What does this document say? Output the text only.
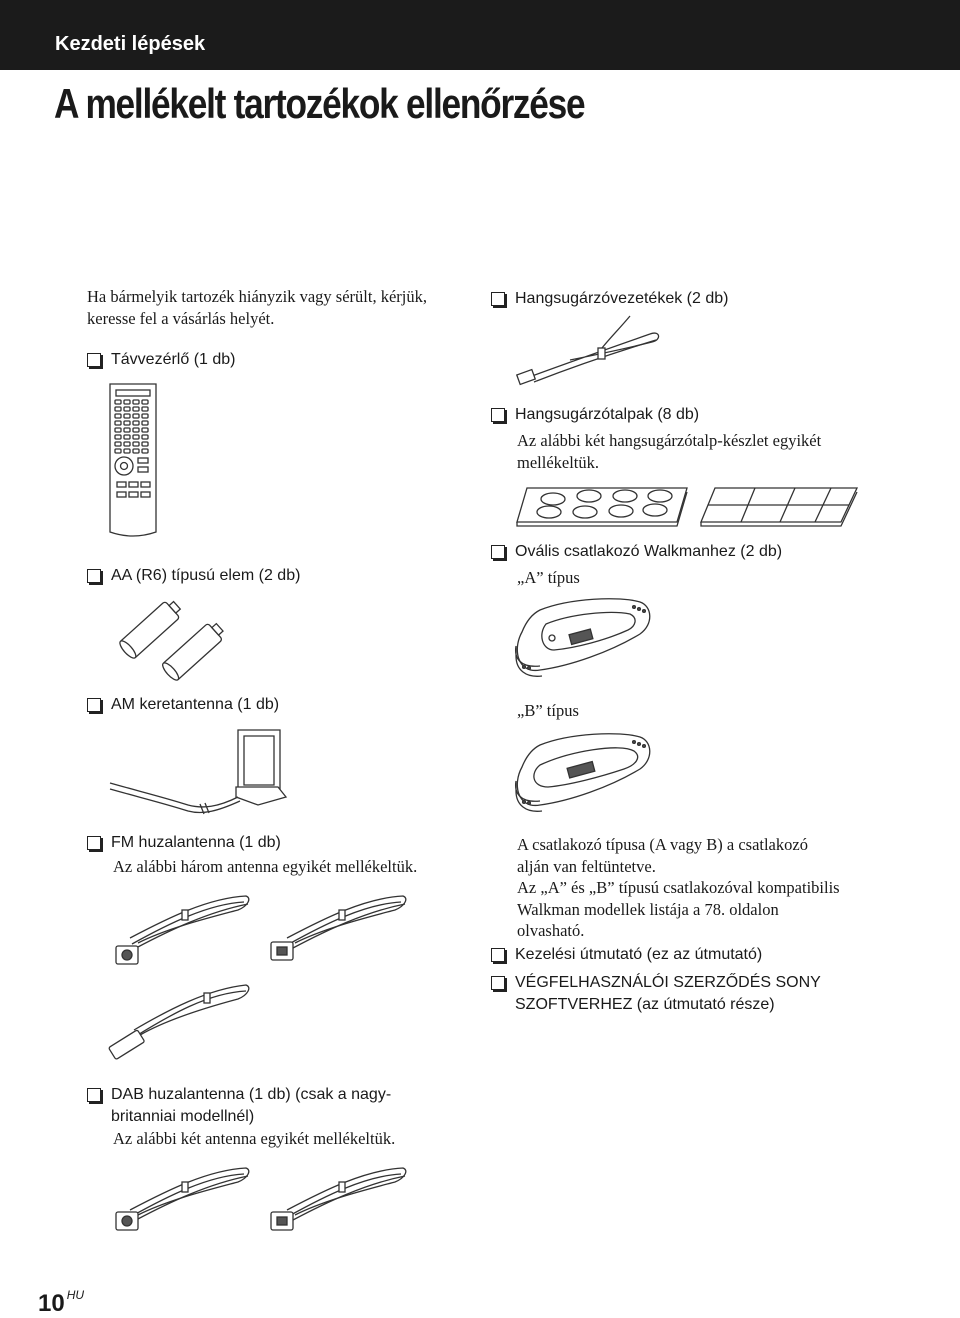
Kezdeti lépések
A mellékelt tartozékok ellenőrzése
Ha bármelyik tartozék hiányzik vagy sérült, kérjük,
keresse fel a vásárlás helyét.
Távvezérlő (1 db)
AA (R6) típusú elem (2 db)
AM keretantenna (1 db)
FM huzalantenna (1 db)
Az alábbi három antenna egyikét mellékeltük.
DAB huzalantenna (1 db) (csak a nagy-
britanniai modellnél)
Az alábbi két antenna egyikét mellékeltük.
Hangsugárzóvezetékek (2 db)
Hangsugárzótalpak (8 db)
Az alábbi két hangsugárzótalp-készlet egyikét
mellékeltük.
Ovális csatlakozó Walkmanhez (2 db)
„A” típus
„B” típus
A csatlakozó típusa (A vagy B) a csatlakozó
alján van feltüntetve.
Az „A” és „B” típusú csatlakozóval kompatibilis
Walkman modellek listája a 78. oldalon
olvasható.
Kezelési útmutató (ez az útmutató)
VÉGFELHASZNÁLÓI SZERZŐDÉS SONY
SZOFTVERHEZ (az útmutató része)
10 $^{HU}$
